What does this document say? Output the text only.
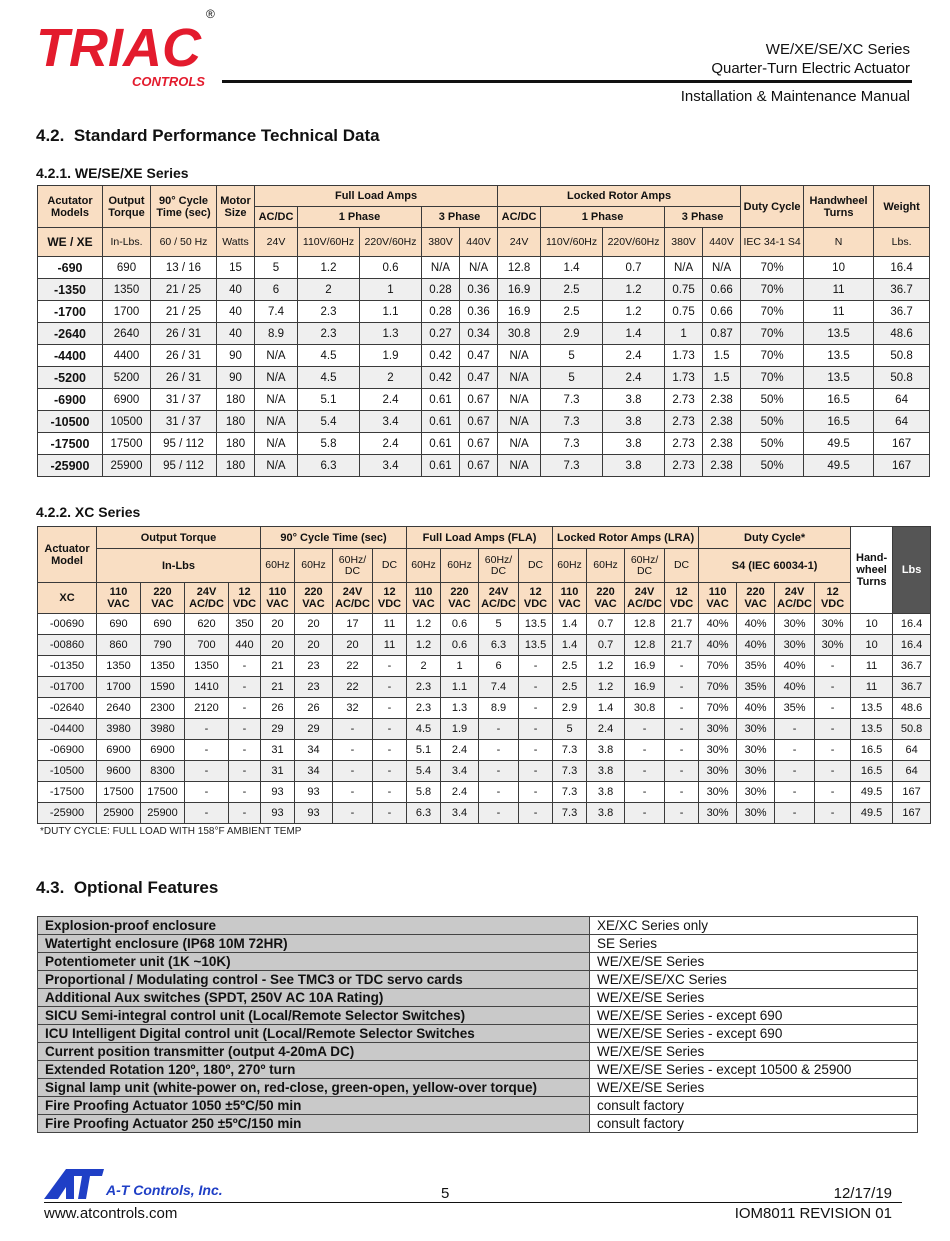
TRIAC
CONTROLS
®
WE/XE/SE/XC Series
Quarter-Turn Electric Actuator
Installation & Maintenance Manual
4.2. Standard Performance Technical Data
4.2.1. WE/SE/XE Series
Acutator Models	Output Torque	90° Cycle Time (sec)	Motor Size	Full Load Amps					Locked Rotor Amps					Duty Cycle	Handwheel Turns	Weight
				AC/DC	1 Phase		3 Phase		AC/DC	1 Phase		3 Phase				
WE / XE	In-Lbs.	60 / 50 Hz	Watts	24V	110V/60Hz	220V/60Hz	380V	440V	24V	110V/60Hz	220V/60Hz	380V	440V	IEC 34-1 S4	N	Lbs.
-690	690	13 / 16	15	5	1.2	0.6	N/A	N/A	12.8	1.4	0.7	N/A	N/A	70%	10	16.4
-1350	1350	21 / 25	40	6	2	1	0.28	0.36	16.9	2.5	1.2	0.75	0.66	70%	11	36.7
-1700	1700	21 / 25	40	7.4	2.3	1.1	0.28	0.36	16.9	2.5	1.2	0.75	0.66	70%	11	36.7
-2640	2640	26 / 31	40	8.9	2.3	1.3	0.27	0.34	30.8	2.9	1.4	1	0.87	70%	13.5	48.6
-4400	4400	26 / 31	90	N/A	4.5	1.9	0.42	0.47	N/A	5	2.4	1.73	1.5	70%	13.5	50.8
-5200	5200	26 / 31	90	N/A	4.5	2	0.42	0.47	N/A	5	2.4	1.73	1.5	70%	13.5	50.8
-6900	6900	31 / 37	180	N/A	5.1	2.4	0.61	0.67	N/A	7.3	3.8	2.73	2.38	50%	16.5	64
-10500	10500	31 / 37	180	N/A	5.4	3.4	0.61	0.67	N/A	7.3	3.8	2.73	2.38	50%	16.5	64
-17500	17500	95 / 112	180	N/A	5.8	2.4	0.61	0.67	N/A	7.3	3.8	2.73	2.38	50%	49.5	167
-25900	25900	95 / 112	180	N/A	6.3	3.4	0.61	0.67	N/A	7.3	3.8	2.73	2.38	50%	49.5	167
4.2.2. XC Series
Actuator Model	Output Torque				90° Cycle Time (sec)				Full Load Amps (FLA)				Locked Rotor Amps (LRA)				Duty Cycle*				Hand-wheel Turns	Lbs
	In-Lbs				60Hz	60Hz	60Hz/ DC	DC	60Hz	60Hz	60Hz/ DC	DC	60Hz	60Hz	60Hz/ DC	DC	S4 (IEC 60034-1)					
XC	110 VAC	220 VAC	24V AC/DC	12 VDC	110 VAC	220 VAC	24V AC/DC	12 VDC	110 VAC	220 VAC	24V AC/DC	12 VDC	110 VAC	220 VAC	24V AC/DC	12 VDC	110 VAC	220 VAC	24V AC/DC	12 VDC		
-00690	690	690	620	350	20	20	17	11	1.2	0.6	5	13.5	1.4	0.7	12.8	21.7	40%	40%	30%	30%	10	16.4
-00860	860	790	700	440	20	20	20	11	1.2	0.6	6.3	13.5	1.4	0.7	12.8	21.7	40%	40%	30%	30%	10	16.4
-01350	1350	1350	1350	-	21	23	22	-	2	1	6	-	2.5	1.2	16.9	-	70%	35%	40%	-	11	36.7
-01700	1700	1590	1410	-	21	23	22	-	2.3	1.1	7.4	-	2.5	1.2	16.9	-	70%	35%	40%	-	11	36.7
-02640	2640	2300	2120	-	26	26	32	-	2.3	1.3	8.9	-	2.9	1.4	30.8	-	70%	40%	35%	-	13.5	48.6
-04400	3980	3980	-	-	29	29	-	-	4.5	1.9	-	-	5	2.4	-	-	30%	30%	-	-	13.5	50.8
-06900	6900	6900	-	-	31	34	-	-	5.1	2.4	-	-	7.3	3.8	-	-	30%	30%	-	-	16.5	64
-10500	9600	8300	-	-	31	34	-	-	5.4	3.4	-	-	7.3	3.8	-	-	30%	30%	-	-	16.5	64
-17500	17500	17500	-	-	93	93	-	-	5.8	2.4	-	-	7.3	3.8	-	-	30%	30%	-	-	49.5	167
-25900	25900	25900	-	-	93	93	-	-	6.3	3.4	-	-	7.3	3.8	-	-	30%	30%	-	-	49.5	167
*DUTY CYCLE: FULL LOAD WITH 158°F AMBIENT TEMP
4.3. Optional Features
Explosion-proof enclosure	XE/XC Series only
Watertight enclosure (IP68 10M 72HR)	SE Series
Potentiometer unit (1K ~10K)	WE/XE/SE Series
Proportional / Modulating control - See TMC3 or TDC servo cards	WE/XE/SE/XC Series
Additional Aux switches (SPDT, 250V AC 10A Rating)	WE/XE/SE Series
SICU Semi-integral control unit (Local/Remote Selector Switches)	WE/XE/SE Series - except 690
ICU Intelligent Digital control unit (Local/Remote Selector Switches	WE/XE/SE Series - except 690
Current position transmitter (output 4-20mA DC)	WE/XE/SE Series
Extended Rotation 120º, 180º, 270º turn	WE/XE/SE Series - except 10500 & 25900
Signal lamp unit (white-power on, red-close, green-open, yellow-over torque)	WE/XE/SE Series
Fire Proofing Actuator 1050 ±5ºC/50 min	consult factory
Fire Proofing Actuator 250 ±5ºC/150 min	consult factory
A-T Controls, Inc.	5	12/17/19
www.atcontrols.com	IOM8011 REVISION 01
